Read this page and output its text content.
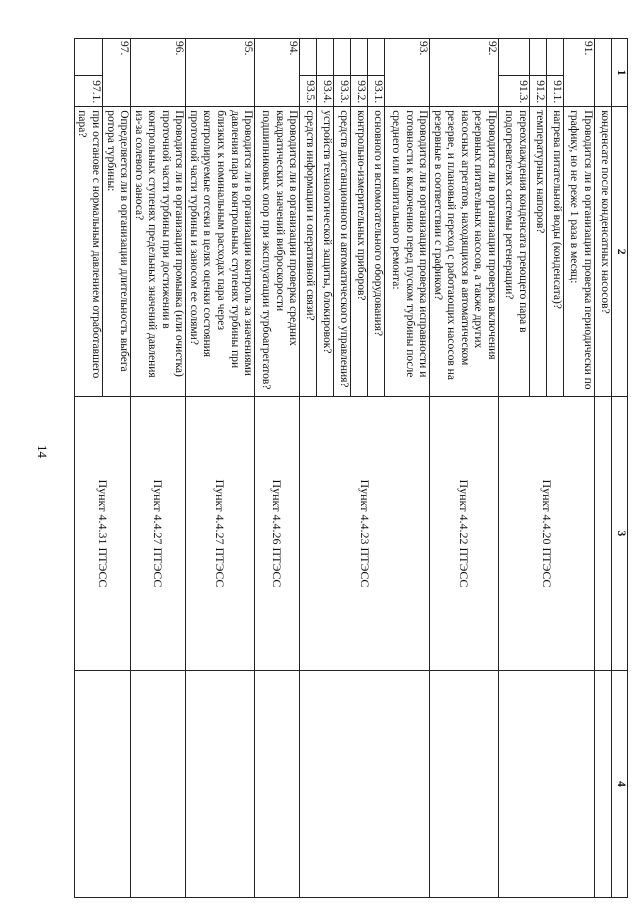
14
1		2	3	4
		конденсате после конденсатных насосов?		
91.		Проводится ли в организации проверка периодически по графику, но не реже 1 раза в месяц:	Пункт 4.4.20 ПТЭСС	
	91.1.	нагрева питательной воды (конденсата)?		
	91.2.	температурных напоров?		
	91.3.	переохлаждения конденсата греющего пара в подогревателях системы регенерации?		
92.		Проводится ли в организации проверка включения резервных питательных насосов, а также других насосных агрегатов, находящихся в автоматическом резерве, и плановый переход с работающих насосов на резервные в соответствии с графиком?	Пункт 4.4.22 ПТЭСС	
93.		Проводится ли в организации проверка исправности и готовности к включению перед пуском турбины после среднего или капитального ремонта:	Пункт 4.4.23 ПТЭСС	
	93.1.	основного и вспомогательного оборудования?		
	93.2.	контрольно-измерительных приборов?		
	93.3.	средств дистанционного и автоматического управления?		
	93.4.	устройств технологической защиты, блокировок?		
	93.5.	средств информации и оперативной связи?		
94.		Проводится ли в организации проверка средних квадратических значений виброскорости подшипниковых опор при эксплуатации турбоагрегатов?	Пункт 4.4.26 ПТЭСС	
95.		Проводится ли в организации контроль за значениями давления пара в контрольных ступенях турбины при близких к номинальным расходах пара через контролируемые отсеки в целях оценки состояния проточной части турбины и заносом ее солями?	Пункт 4.4.27 ПТЭСС	
96.		Проводится ли в организации промывка (или очистка) проточной части турбины при достижении в контрольных ступенях предельных значений давления из-за солевого заноса?	Пункт 4.4.27 ПТЭСС	
97.		Определяется ли в организации длительность выбега ротора турбины:	Пункт 4.4.31 ПТЭСС	
	97.1.	при останове с нормальным давлением отработавшего пара?		
